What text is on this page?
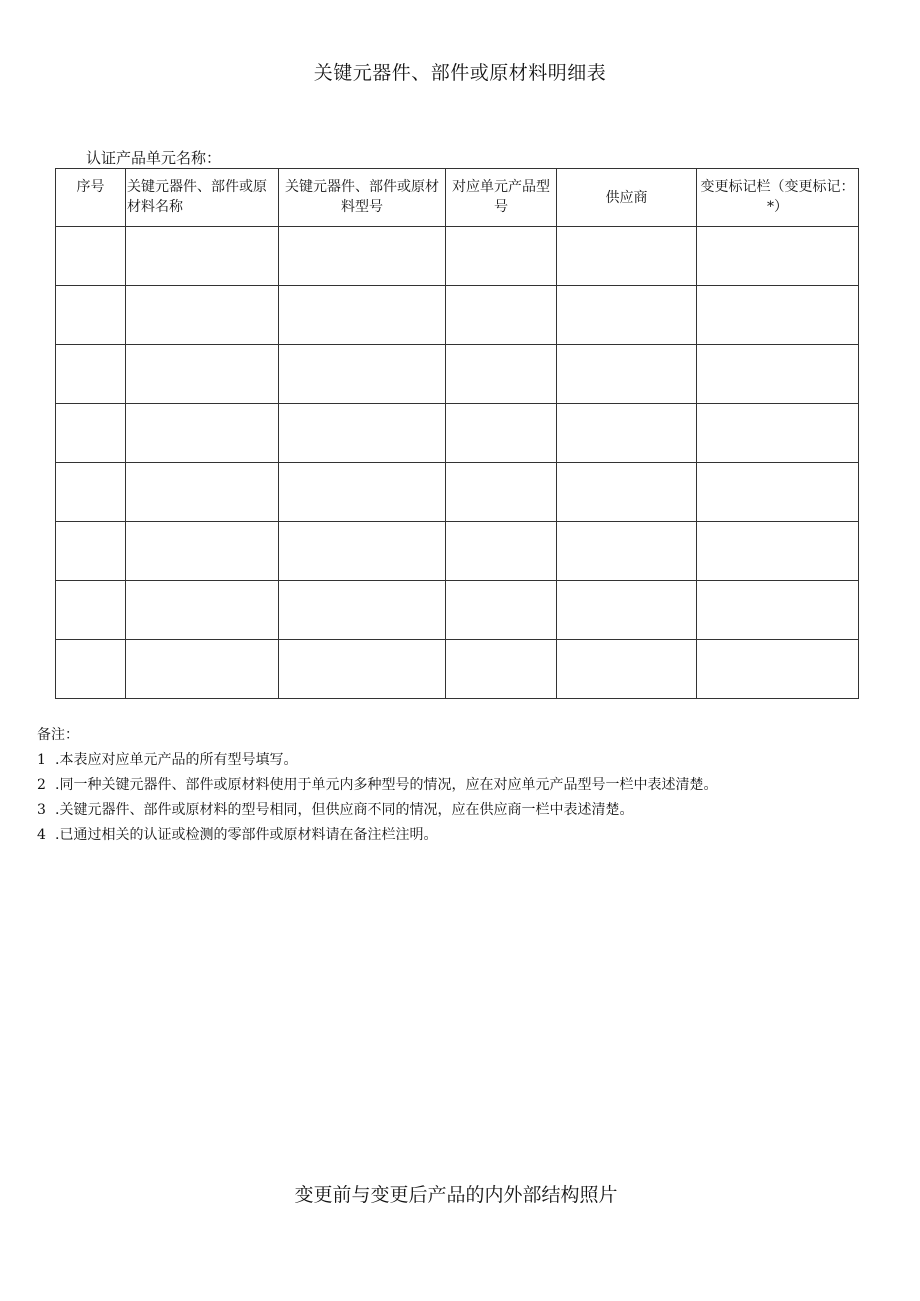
关键元器件、部件或原材料明细表
认证产品单元名称：
序号	关键元器件、部件或原材料名称	关键元器件、部件或原材料型号	对应单元产品型号	供应商	变更标记栏（变更标记：*）

备注：
1 .本表应对应单元产品的所有型号填写。
2 .同一种关键元器件、部件或原材料使用于单元内多种型号的情况，应在对应单元产品型号一栏中表述清楚。
3 .关键元器件、部件或原材料的型号相同，但供应商不同的情况，应在供应商一栏中表述清楚。
4 .已通过相关的认证或检测的零部件或原材料请在备注栏注明。
变更前与变更后产品的内外部结构照片
